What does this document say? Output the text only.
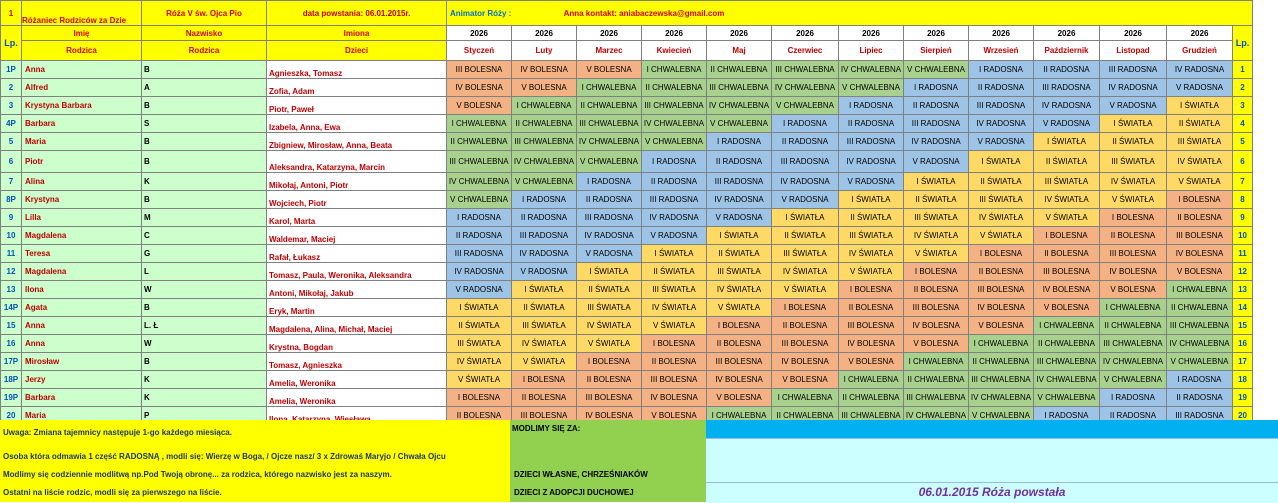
1	Różaniec Rodziców za Dzie	Róża V św. Ojca Pio	data powstania: 06.01.2015r.	Animator Róży : Anna kontakt: aniabaczewska@gmail.com												
Lp.	Imię	Nazwisko	Imiona	2026	2026	2026	2026	2026	2026	2026	2026	2026	2026	2026	2026	Lp.
	Rodzica	Rodzica	Dzieci	Styczeń	Luty	Marzec	Kwiecień	Maj	Czerwiec	Lipiec	Sierpień	Wrzesień	Październik	Listopad	Grudzień	
1P	Anna	B	Agnieszka, Tomasz	III BOLESNA	IV BOLESNA	V BOLESNA	I CHWALEBNA	II CHWALEBNA	III CHWALEBNA	IV CHWALEBNA	V CHWALEBNA	I RADOSNA	II RADOSNA	III RADOSNA	IV RADOSNA	1
2	Alfred	A	Zofia, Adam	IV BOLESNA	V BOLESNA	I CHWALEBNA	II CHWALEBNA	III CHWALEBNA	IV CHWALEBNA	V CHWALEBNA	I RADOSNA	II RADOSNA	III RADOSNA	IV RADOSNA	V RADOSNA	2
3	Krystyna Barbara	B	Piotr, Paweł	V BOLESNA	I CHWALEBNA	II CHWALEBNA	III CHWALEBNA	IV CHWALEBNA	V CHWALEBNA	I RADOSNA	II RADOSNA	III RADOSNA	IV RADOSNA	V RADOSNA	I ŚWIATŁA	3
4P	Barbara	S	Izabela, Anna, Ewa	I CHWALEBNA	II CHWALEBNA	III CHWALEBNA	IV CHWALEBNA	V CHWALEBNA	I RADOSNA	II RADOSNA	III RADOSNA	IV RADOSNA	V RADOSNA	I ŚWIATŁA	II ŚWIATŁA	4
5	Maria	B	Zbigniew, Mirosław, Anna, Beata	II CHWALEBNA	III CHWALEBNA	IV CHWALEBNA	V CHWALEBNA	I RADOSNA	II RADOSNA	III RADOSNA	IV RADOSNA	V RADOSNA	I ŚWIATŁA	II ŚWIATŁA	III ŚWIATŁA	5
6	Piotr	B	Aleksandra, Katarzyna, Marcin	III CHWALEBNA	IV CHWALEBNA	V CHWALEBNA	I RADOSNA	II RADOSNA	III RADOSNA	IV RADOSNA	V RADOSNA	I ŚWIATŁA	II ŚWIATŁA	III ŚWIATŁA	IV ŚWIATŁA	6
7	Alina	K	Mikołaj, Antoni, Piotr	IV CHWALEBNA	V CHWALEBNA	I RADOSNA	II RADOSNA	III RADOSNA	IV RADOSNA	V RADOSNA	I ŚWIATŁA	II ŚWIATŁA	III ŚWIATŁA	IV ŚWIATŁA	V ŚWIATŁA	7
8P	Krystyna	B	Wojciech, Piotr	V CHWALEBNA	I RADOSNA	II RADOSNA	III RADOSNA	IV RADOSNA	V RADOSNA	I ŚWIATŁA	II ŚWIATŁA	III ŚWIATŁA	IV ŚWIATŁA	V ŚWIATŁA	I BOLESNA	8
9	Lilla	M	Karol, Marta	I RADOSNA	II RADOSNA	III RADOSNA	IV RADOSNA	V RADOSNA	I ŚWIATŁA	II ŚWIATŁA	III ŚWIATŁA	IV ŚWIATŁA	V ŚWIATŁA	I BOLESNA	II BOLESNA	9
10	Magdalena	C	Waldemar, Maciej	II RADOSNA	III RADOSNA	IV RADOSNA	V RADOSNA	I ŚWIATŁA	II ŚWIATŁA	III ŚWIATŁA	IV ŚWIATŁA	V ŚWIATŁA	I BOLESNA	II BOLESNA	III BOLESNA	10
11	Teresa	G	Rafał, Łukasz	III RADOSNA	IV RADOSNA	V RADOSNA	I ŚWIATŁA	II ŚWIATŁA	III ŚWIATŁA	IV ŚWIATŁA	V ŚWIATŁA	I BOLESNA	II BOLESNA	III BOLESNA	IV BOLESNA	11
12	Magdalena	L	Tomasz, Paula, Weronika, Aleksandra	IV RADOSNA	V RADOSNA	I ŚWIATŁA	II ŚWIATŁA	III ŚWIATŁA	IV ŚWIATŁA	V ŚWIATŁA	I BOLESNA	II BOLESNA	III BOLESNA	IV BOLESNA	V BOLESNA	12
13	Ilona	W	Antoni, Mikołaj, Jakub	V RADOSNA	I ŚWIATŁA	II ŚWIATŁA	III ŚWIATŁA	IV ŚWIATŁA	V ŚWIATŁA	I BOLESNA	II BOLESNA	III BOLESNA	IV BOLESNA	V BOLESNA	I CHWALEBNA	13
14P	Agata	B	Eryk, Martin	I ŚWIATŁA	II ŚWIATŁA	III ŚWIATŁA	IV ŚWIATŁA	V ŚWIATŁA	I BOLESNA	II BOLESNA	III BOLESNA	IV BOLESNA	V BOLESNA	I CHWALEBNA	II CHWALEBNA	14
15	Anna	L. Ł	Magdalena, Alina, Michał, Maciej	II ŚWIATŁA	III ŚWIATŁA	IV ŚWIATŁA	V ŚWIATŁA	I BOLESNA	II BOLESNA	III BOLESNA	IV BOLESNA	V BOLESNA	I CHWALEBNA	II CHWALEBNA	III CHWALEBNA	15
16	Anna	W	Krystna, Bogdan	III ŚWIATŁA	IV ŚWIATŁA	V ŚWIATŁA	I BOLESNA	II BOLESNA	III BOLESNA	IV BOLESNA	V BOLESNA	I CHWALEBNA	II CHWALEBNA	III CHWALEBNA	IV CHWALEBNA	16
17P	Mirosław	B	Tomasz, Agnieszka	IV ŚWIATŁA	V ŚWIATŁA	I BOLESNA	II BOLESNA	III BOLESNA	IV BOLESNA	V BOLESNA	I CHWALEBNA	II CHWALEBNA	III CHWALEBNA	IV CHWALEBNA	V CHWALEBNA	17
18P	Jerzy	K	Amelia, Weronika	V ŚWIATŁA	I BOLESNA	II BOLESNA	III BOLESNA	IV BOLESNA	V BOLESNA	I CHWALEBNA	II CHWALEBNA	III CHWALEBNA	IV CHWALEBNA	V CHWALEBNA	I RADOSNA	18
19P	Barbara	K	Amelia, Weronika	I BOLESNA	II BOLESNA	III BOLESNA	IV BOLESNA	V BOLESNA	I CHWALEBNA	II CHWALEBNA	III CHWALEBNA	IV CHWALEBNA	V CHWALEBNA	I RADOSNA	II RADOSNA	19
20	Maria	P		II BOLESNA	III BOLESNA	IV BOLESNA	V BOLESNA	I CHWALEBNA	II CHWALEBNA	III CHWALEBNA	IV CHWALEBNA	V CHWALEBNA	I RADOSNA	II RADOSNA	III RADOSNA	20
Uwaga: Zmiana tajemnicy następuje 1-go każdego miesiąca.
Osoba która odmawia 1 część RADOSNĄ , modli się: Wierzę w Boga, / Ojcze nasz/ 3 x Zdrowaś Maryjo / Chwała Ojcu
Modlimy się codziennie modlitwą np.Pod Twoją obronę... za rodzica, którego nazwisko jest za naszym.
Ostatni na liście rodzic, modli się za pierwszego na liście.
MODLIMY SIĘ ZA:
DZIECI WŁASNE, CHRZEŚNIAKÓW
DZIECI Z ADOPCJI DUCHOWEJ	06.01.2015 Róża powstała
